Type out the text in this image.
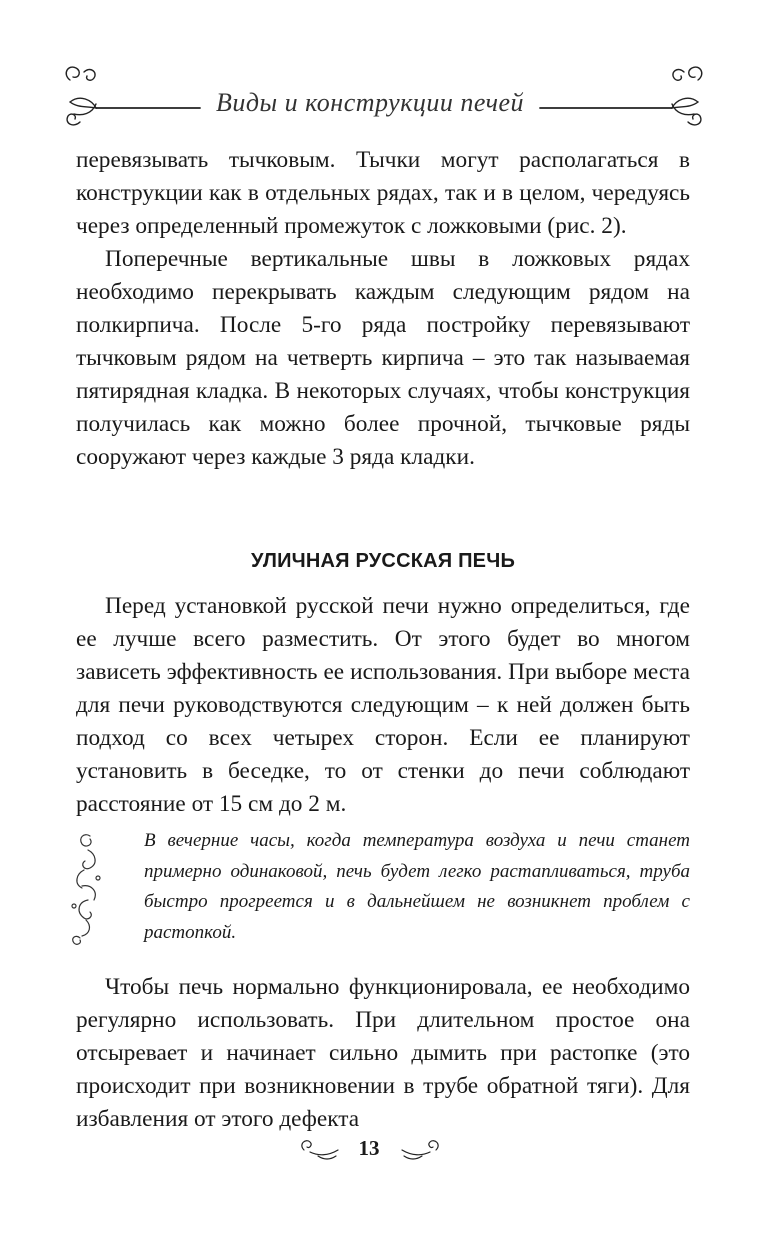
Виды и конструкции печей

перевязывать тычковым. Тычки могут располагаться в конструкции как в отдельных рядах, так и в целом, чередуясь через определенный промежуток с ложковыми (рис. 2).

Поперечные вертикальные швы в ложковых рядах необходимо перекрывать каждым следующим рядом на полкирпича. После 5-го ряда постройку перевязывают тычковым рядом на четверть кирпича – это так называемая пятирядная кладка. В некоторых случаях, чтобы конструкция получилась как можно более прочной, тычковые ряды сооружают через каждые 3 ряда кладки.

УЛИЧНАЯ РУССКАЯ ПЕЧЬ
Перед установкой русской печи нужно определиться, где ее лучше всего разместить. От этого будет во многом зависеть эффективность ее использования. При выборе места для печи руководствуются следующим – к ней должен быть подход со всех четырех сторон. Если ее планируют установить в беседке, то от стенки до печи соблюдают расстояние от 15 см до 2 м.
В вечерние часы, когда температура воздуха и печи станет примерно одинаковой, печь будет легко растапливаться, труба быстро прогреется и в дальнейшем не возникнет проблем с растопкой.
Чтобы печь нормально функционировала, ее необходимо регулярно использовать. При длительном простое она отсыревает и начинает сильно дымить при растопке (это происходит при возникновении в трубе обратной тяги). Для избавления от этого дефекта
13
